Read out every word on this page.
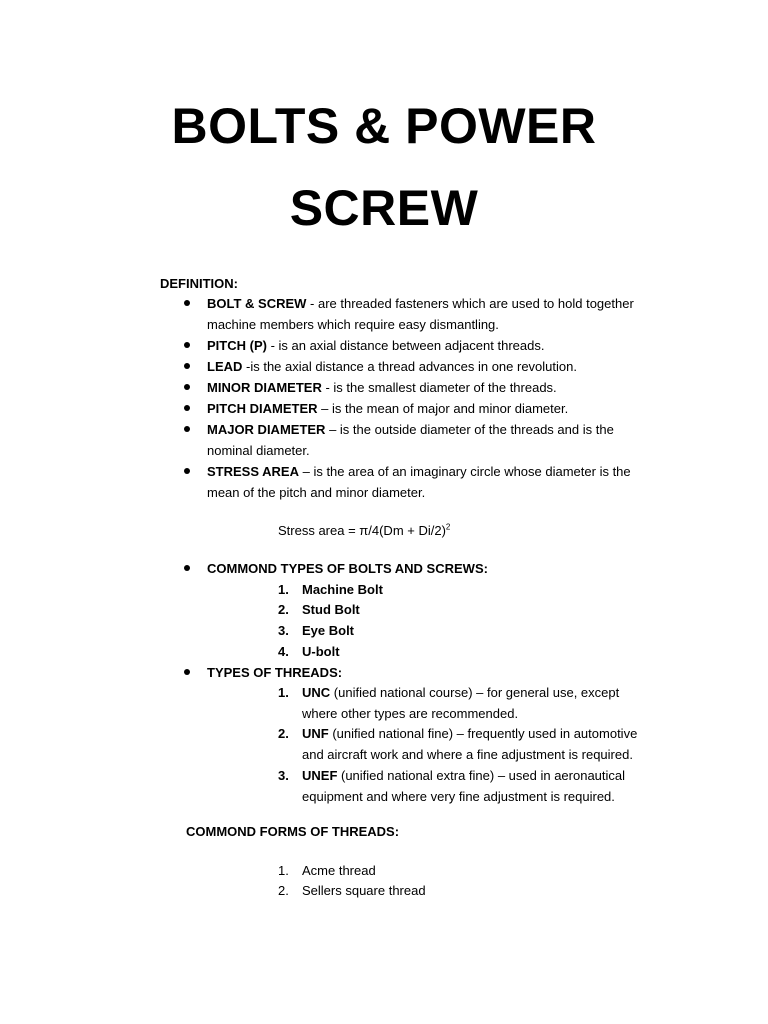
BOLTS & POWER
SCREW
DEFINITION:
BOLT & SCREW - are threaded fasteners which are used to hold together
machine members which require easy dismantling.
PITCH (P) - is an axial distance between adjacent threads.
LEAD -is the axial distance a thread advances in one revolution.
MINOR DIAMETER - is the smallest diameter of the threads.
PITCH DIAMETER – is the mean of major and minor diameter.
MAJOR DIAMETER – is the outside diameter of the threads and is the
nominal diameter.
STRESS AREA – is the area of an imaginary circle whose diameter is the
mean of the pitch and minor diameter.
Stress area = $\pi/4(Dm + Di/2)^2$
COMMOND TYPES OF BOLTS AND SCREWS:
1. Machine Bolt
2. Stud Bolt
3. Eye Bolt
4. U-bolt
TYPES OF THREADS:
1. UNC (unified national course) – for general use, except
where other types are recommended.
2. UNF (unified national fine) – frequently used in automotive
and aircraft work and where a fine adjustment is required.
3. UNEF (unified national extra fine) – used in aeronautical
equipment and where very fine adjustment is required.
COMMOND FORMS OF THREADS:
1. Acme thread
2. Sellers square thread
